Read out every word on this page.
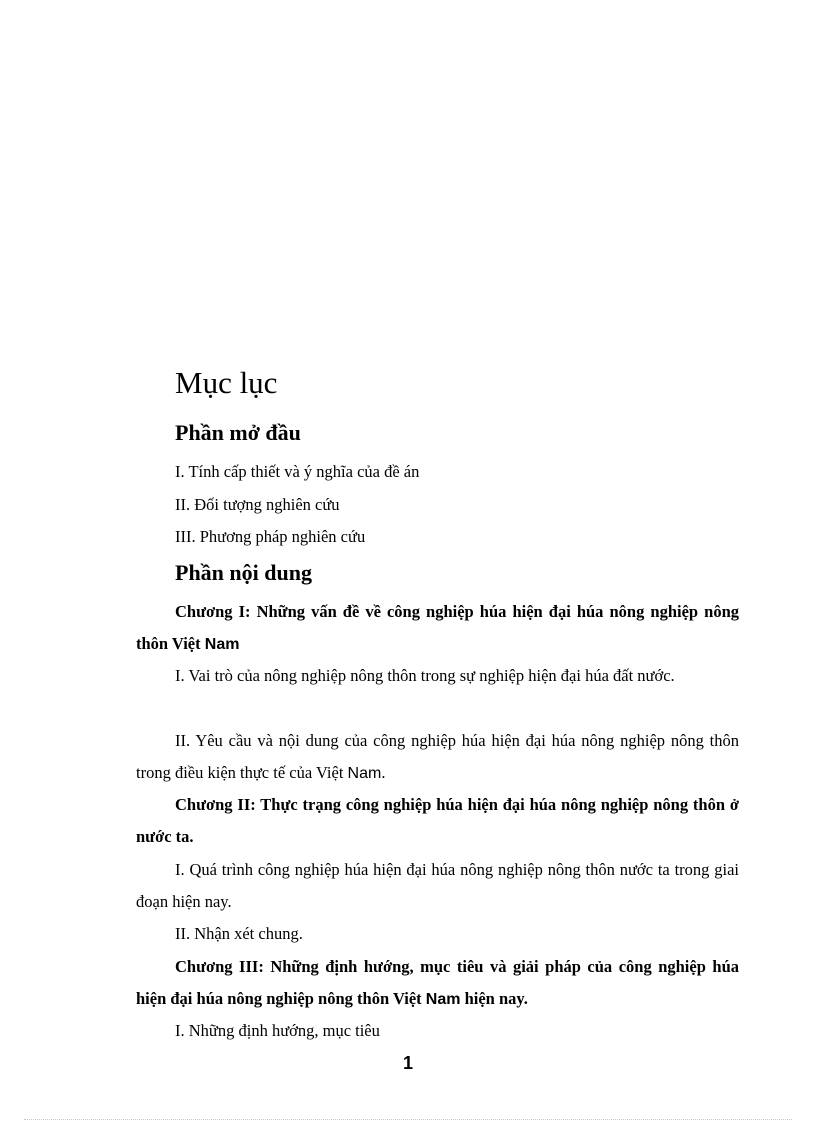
Mục lục
Phần mở đầu
I. Tính cấp thiết và ý nghĩa của đề án
II. Đối tượng nghiên cứu
III. Phương pháp nghiên cứu
Phần nội dung
Chương I: Những vấn đề về công nghiệp húa hiện đại húa nông nghiệp nông thôn Việt Nam
I. Vai trò của nông nghiệp nông thôn trong sự nghiệp hiện đại húa đất nước.
II. Yêu cầu và nội dung của công nghiệp húa hiện đại húa nông nghiệp nông thôn trong điều kiện thực tế của Việt Nam.
Chương II: Thực trạng công nghiệp húa hiện đại húa nông nghiệp nông thôn ở nước ta.
I. Quá trình công nghiệp húa hiện đại húa nông nghiệp nông thôn nước ta trong giai đoạn hiện nay.
II. Nhận xét chung.
Chương III: Những định hướng, mục tiêu và giải pháp của công nghiệp húa hiện đại húa nông nghiệp nông thôn Việt Nam hiện nay.
I. Những định hướng, mục tiêu
1
